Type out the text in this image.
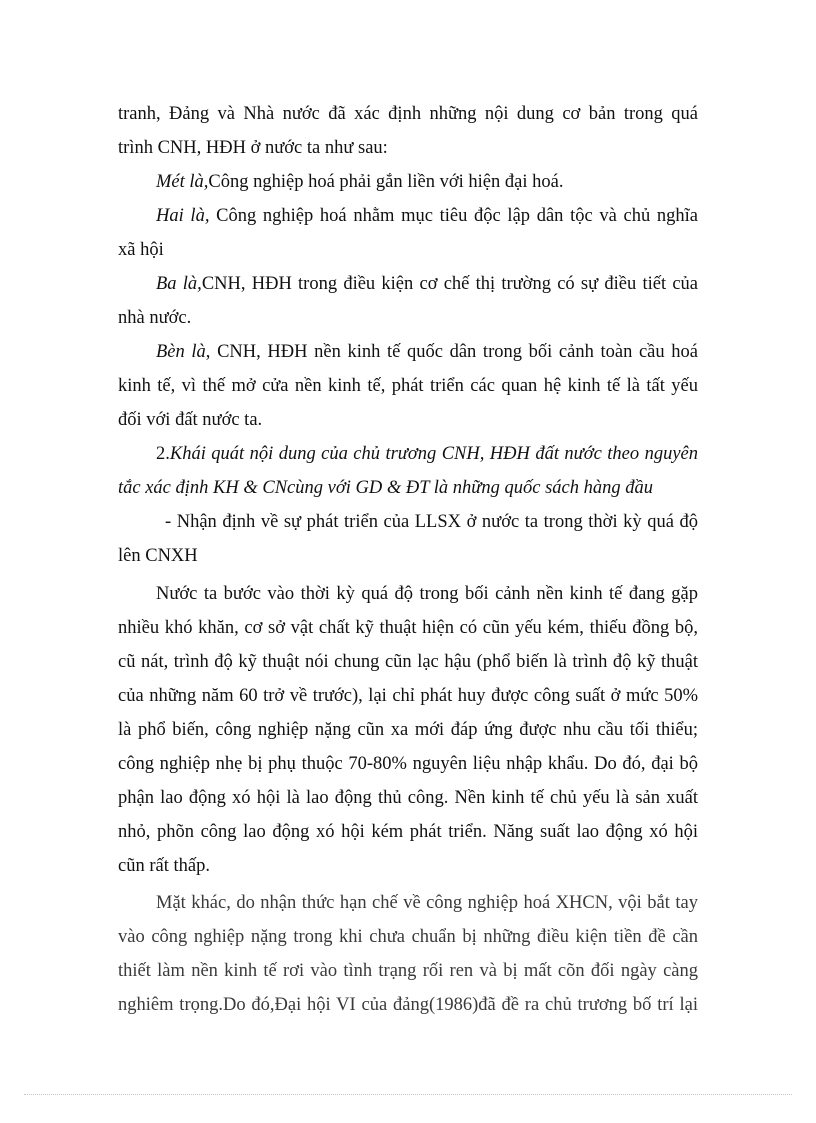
tranh, Đảng và Nhà nước đã xác định những nội dung cơ bản trong quá
trình CNH, HĐH ở nước ta như sau:
Mét là,Công nghiệp hoá phải gắn liền với hiện đại hoá.
Hai là, Công nghiệp hoá nhằm mục tiêu độc lập dân tộc và chủ nghĩa
xã hội
Ba là,CNH, HĐH trong điều kiện cơ chế thị trường có sự điều tiết của
nhà nước.
Bèn là, CNH, HĐH nền kinh tế quốc dân trong bối cảnh toàn cầu hoá
kinh tế, vì thế mở cửa nền kinh tế, phát triển các quan hệ kinh tế là tất yếu
đối với đất nước ta.
2.Khái quát nội dung của chủ trương CNH, HĐH đất nước theo nguyên
tắc xác định KH & CNcùng với GD & ĐT là những quốc sách hàng đầu
- Nhận định về sự phát triển của LLSX ở nước ta trong thời kỳ quá độ
lên CNXH
Nước ta bước vào thời kỳ quá độ trong bối cảnh nền kinh tế đang gặp
nhiều khó khăn, cơ sở vật chất kỹ thuật hiện có cũn yếu kém, thiếu đồng bộ,
cũ nát, trình độ kỹ thuật nói chung cũn lạc hậu (phổ biến là trình độ kỹ thuật
của những năm 60 trở về trước), lại chỉ phát huy được công suất ở mức 50%
là phổ biến, công nghiệp nặng cũn xa mới đáp ứng được nhu cầu tối thiểu;
công nghiệp nhẹ bị phụ thuộc 70-80% nguyên liệu nhập khẩu. Do đó, đại bộ
phận lao động xó hội là lao động thủ công. Nền kinh tế chủ yếu là sản xuất
nhỏ, phõn công lao động xó hội kém phát triển. Năng suất lao động xó hội
cũn rất thấp.
Mặt khác, do nhận thức hạn chế về công nghiệp hoá XHCN, vội bắt tay
vào công nghiệp nặng trong khi chưa chuẩn bị những điều kiện tiền đề cần
thiết làm nền kinh tế rơi vào tình trạng rối ren và bị mất cõn đối ngày càng
nghiêm trọng.Do đó,Đại hội VI của đảng(1986)đã đề ra chủ trương bố trí lại
